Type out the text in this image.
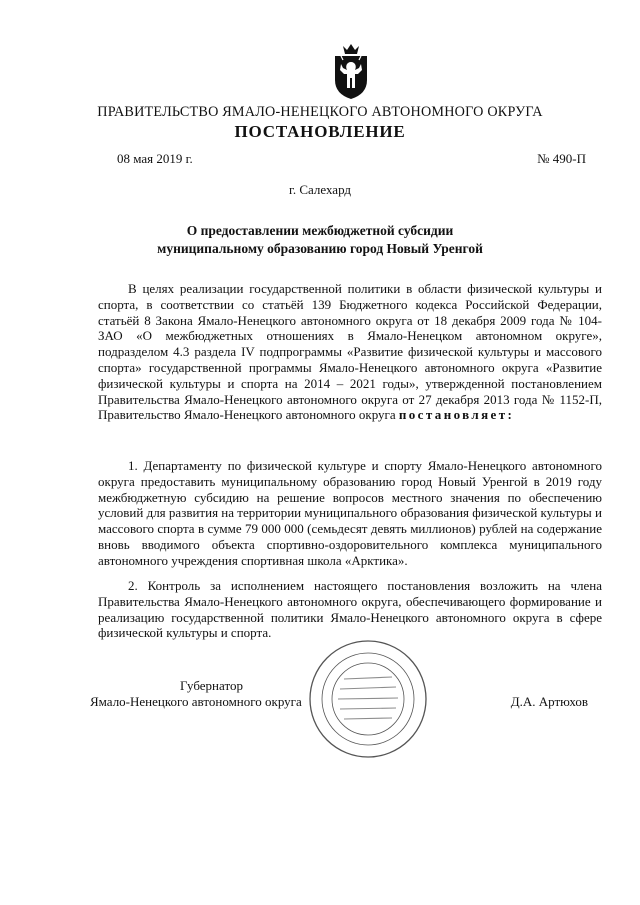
ПРАВИТЕЛЬСТВО ЯМАЛО-НЕНЕЦКОГО АВТОНОМНОГО ОКРУГА
ПОСТАНОВЛЕНИЕ
08 мая 2019 г.	№ 490-П
г. Салехард
О предоставлении межбюджетной субсидии
муниципальному образованию город Новый Уренгой

В целях реализации государственной политики в области физической культуры и спорта, в соответствии со статьёй 139 Бюджетного кодекса Российской Федерации, статьёй 8 Закона Ямало-Ненецкого автономного округа от 18 декабря 2009 года № 104-ЗАО «О межбюджетных отношениях в Ямало-Ненецком автономном округе», подразделом 4.3 раздела IV подпрограммы «Развитие физической культуры и массового спорта» государственной программы Ямало-Ненецкого автономного округа «Развитие физической культуры и спорта на 2014 – 2021 годы», утвержденной постановлением Правительства Ямало-Ненецкого автономного округа от 27 декабря 2013 года № 1152-П, Правительство Ямало-Ненецкого автономного округа постановляет:

1. Департаменту по физической культуре и спорту Ямало-Ненецкого автономного округа предоставить муниципальному образованию город Новый Уренгой в 2019 году межбюджетную субсидию на решение вопросов местного значения по обеспечению условий для развития на территории муниципального образования физической культуры и массового спорта в сумме 79 000 000 (семьдесят девять миллионов) рублей на содержание вновь вводимого объекта спортивно-оздоровительного комплекса муниципального автономного учреждения спортивная школа «Арктика».

2. Контроль за исполнением настоящего постановления возложить на члена Правительства Ямало-Ненецкого автономного округа, обеспечивающего формирование и реализацию государственной политики Ямало-Ненецкого автономного округа в сфере физической культуры и спорта.

Губернатор
Ямало-Ненецкого автономного округа	Д.А. Артюхов
